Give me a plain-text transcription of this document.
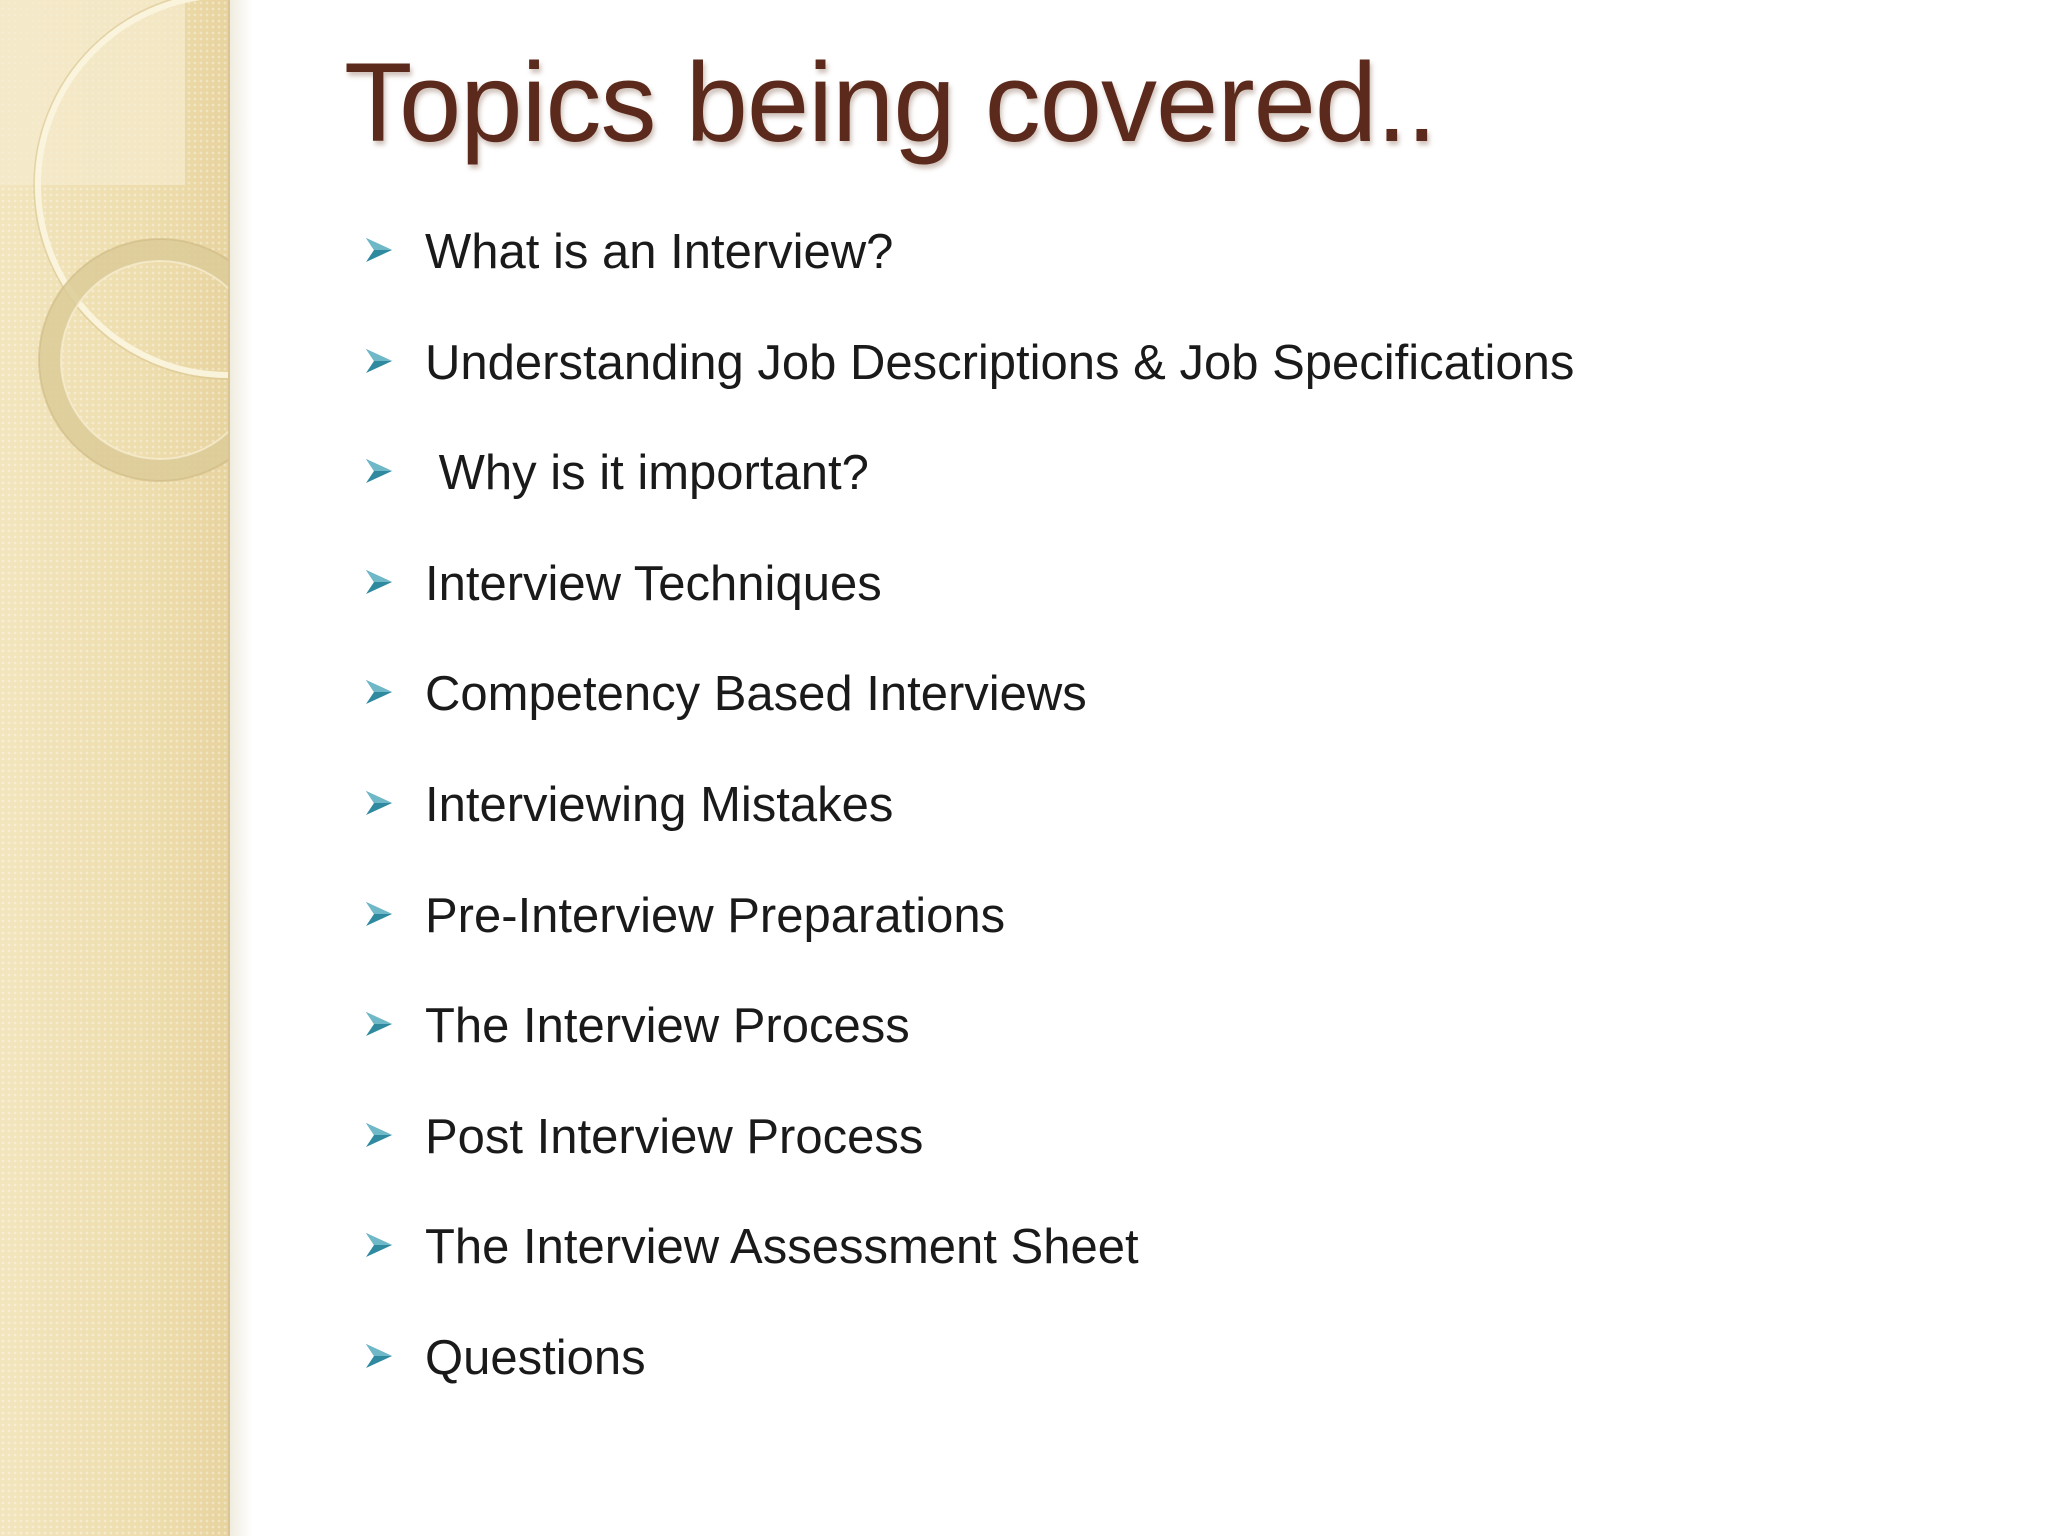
Topics being covered..
What is an Interview?
Understanding Job Descriptions & Job Specifications
Why is it important?
Interview Techniques
Competency Based Interviews
Interviewing Mistakes
Pre-Interview Preparations
The Interview Process
Post Interview Process
The Interview Assessment Sheet
Questions
